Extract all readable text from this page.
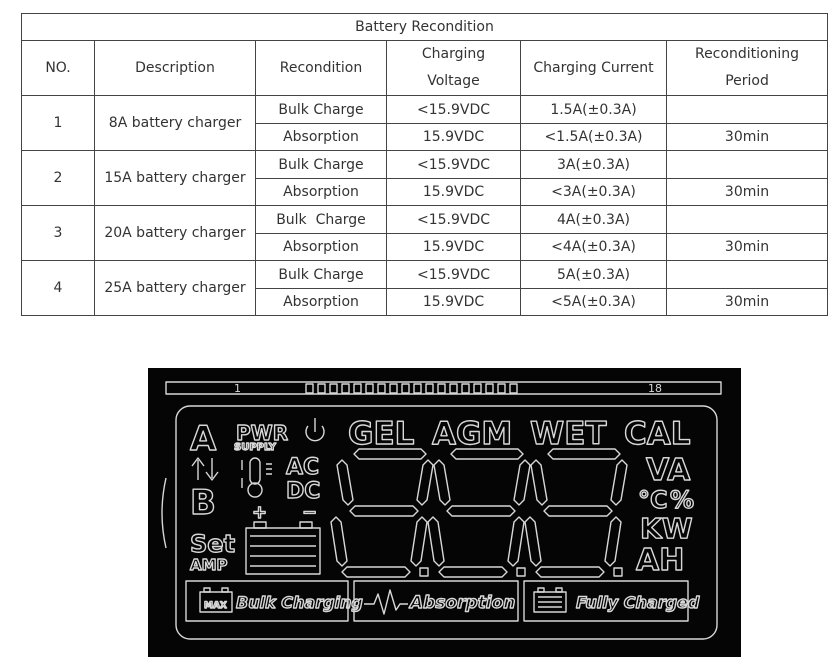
Battery Recondition					
NO.	Description	Recondition	Charging Voltage	Charging Current	Reconditioning Period
1	8A battery charger	Bulk Charge	<15.9VDC	1.5A(±0.3A)	
		Absorption	15.9VDC	<1.5A(±0.3A)	30min
2	15A battery charger	Bulk Charge	<15.9VDC	3A(±0.3A)	
		Absorption	15.9VDC	<3A(±0.3A)	30min
3	20A battery charger	Bulk  Charge	<15.9VDC	4A(±0.3A)	
		Absorption	15.9VDC	<4A(±0.3A)	30min
4	25A battery charger	Bulk Charge	<15.9VDC	5A(±0.3A)	
		Absorption	15.9VDC	<5A(±0.3A)	30min
1	18
A
B
PWR
SUPPLY
AC
DC
GEL AGM WET CAL
VA
°C %
KW
AH
Set
AMP
+ −
MAX Bulk Charging	Absorption	Fully Charged
